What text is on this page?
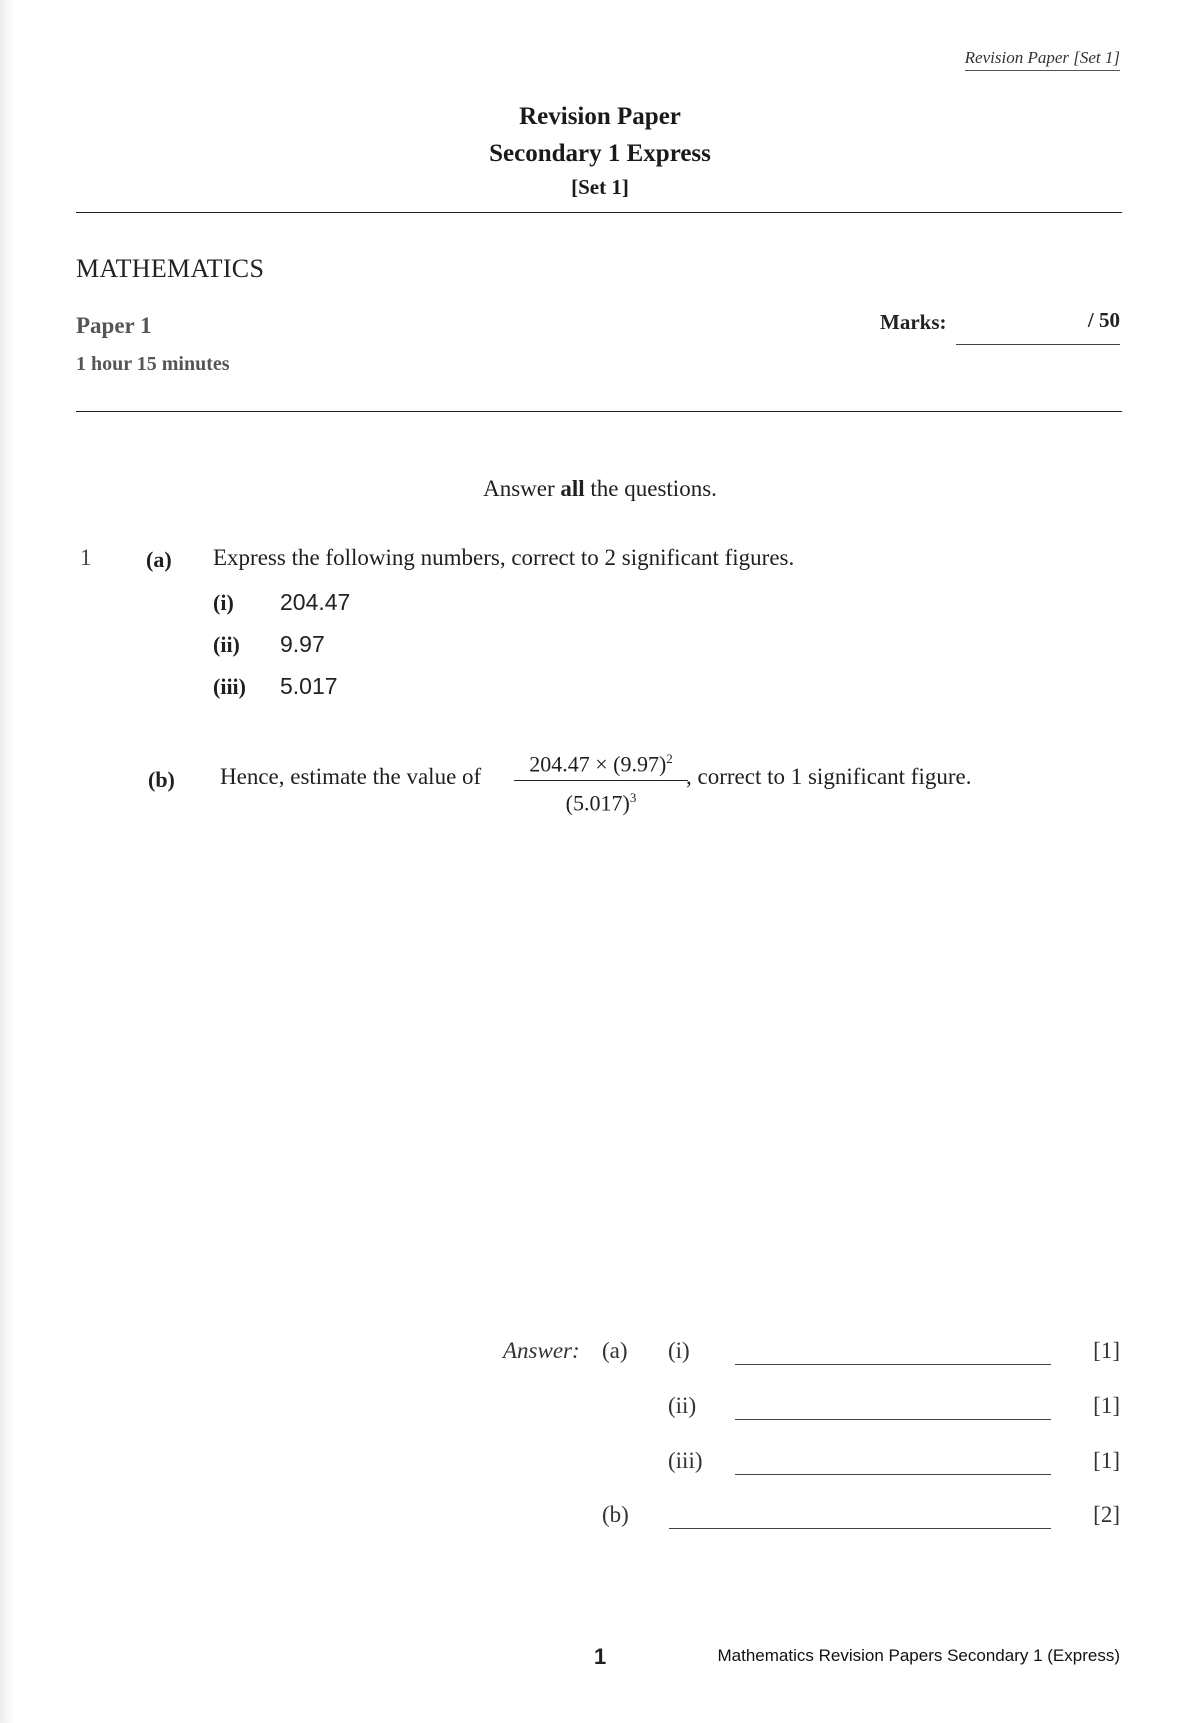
Revision Paper [Set 1]
Revision Paper
Secondary 1 Express
[Set 1]
MATHEMATICS
Paper 1
1 hour 15 minutes
Marks:	/ 50
Answer all the questions.
1 (a) Express the following numbers, correct to 2 significant figures.
(i) 204.47
(ii) 9.97
(iii) 5.017
(b) Hence, estimate the value of
$204.47 \times (9.97)^2$
$(5.017)^3$
, correct to 1 significant figure.
Answer: (a) (i)	[1]
(ii)	[1]
(iii)	[1]
(b)	[2]
1	Mathematics Revision Papers Secondary 1 (Express)
